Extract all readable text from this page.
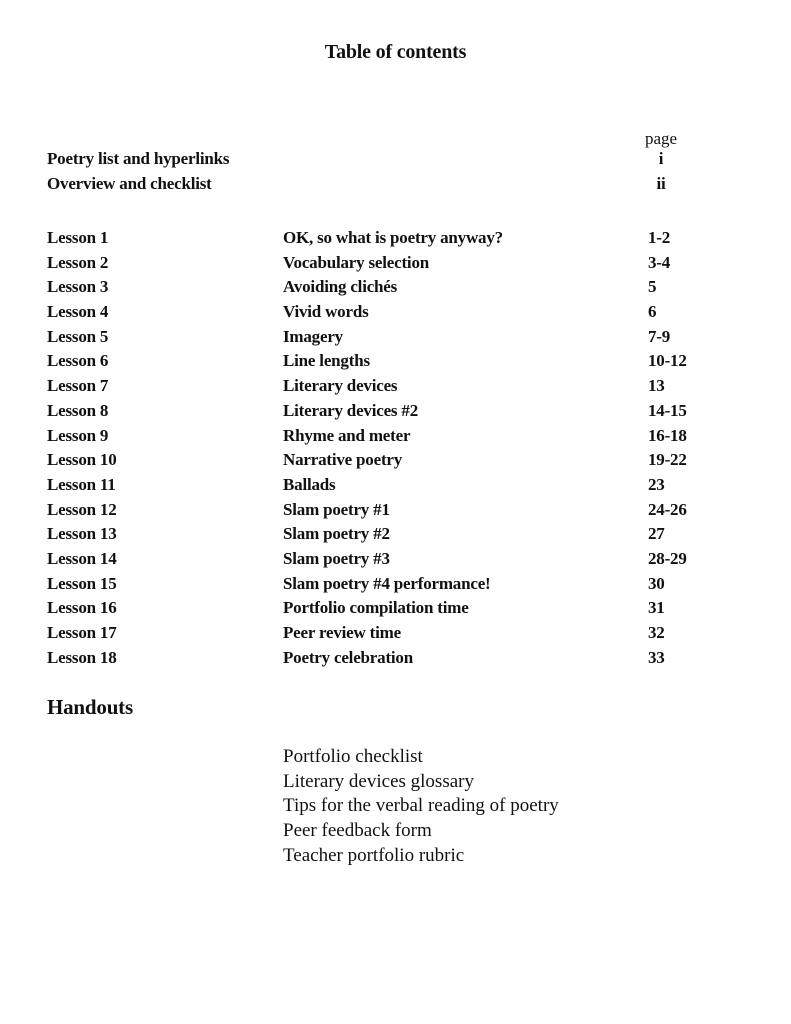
Table of contents
page
Poetry list and hyperlinks	i
Overview and checklist	ii
Lesson 1	OK, so what is poetry anyway?	1-2
Lesson 2	Vocabulary selection	3-4
Lesson 3	Avoiding clichés	5
Lesson 4	Vivid words	6
Lesson 5	Imagery	7-9
Lesson 6	Line lengths	10-12
Lesson 7	Literary devices	13
Lesson 8	Literary devices #2	14-15
Lesson 9	Rhyme and meter	16-18
Lesson 10	Narrative poetry	19-22
Lesson 11	Ballads	23
Lesson 12	Slam poetry #1	24-26
Lesson 13	Slam poetry #2	27
Lesson 14	Slam poetry #3	28-29
Lesson 15	Slam poetry #4 performance!	30
Lesson 16	Portfolio compilation time	31
Lesson 17	Peer review time	32
Lesson 18	Poetry celebration	33
Handouts
Portfolio checklist
Literary devices glossary
Tips for the verbal reading of poetry
Peer feedback form
Teacher portfolio rubric
